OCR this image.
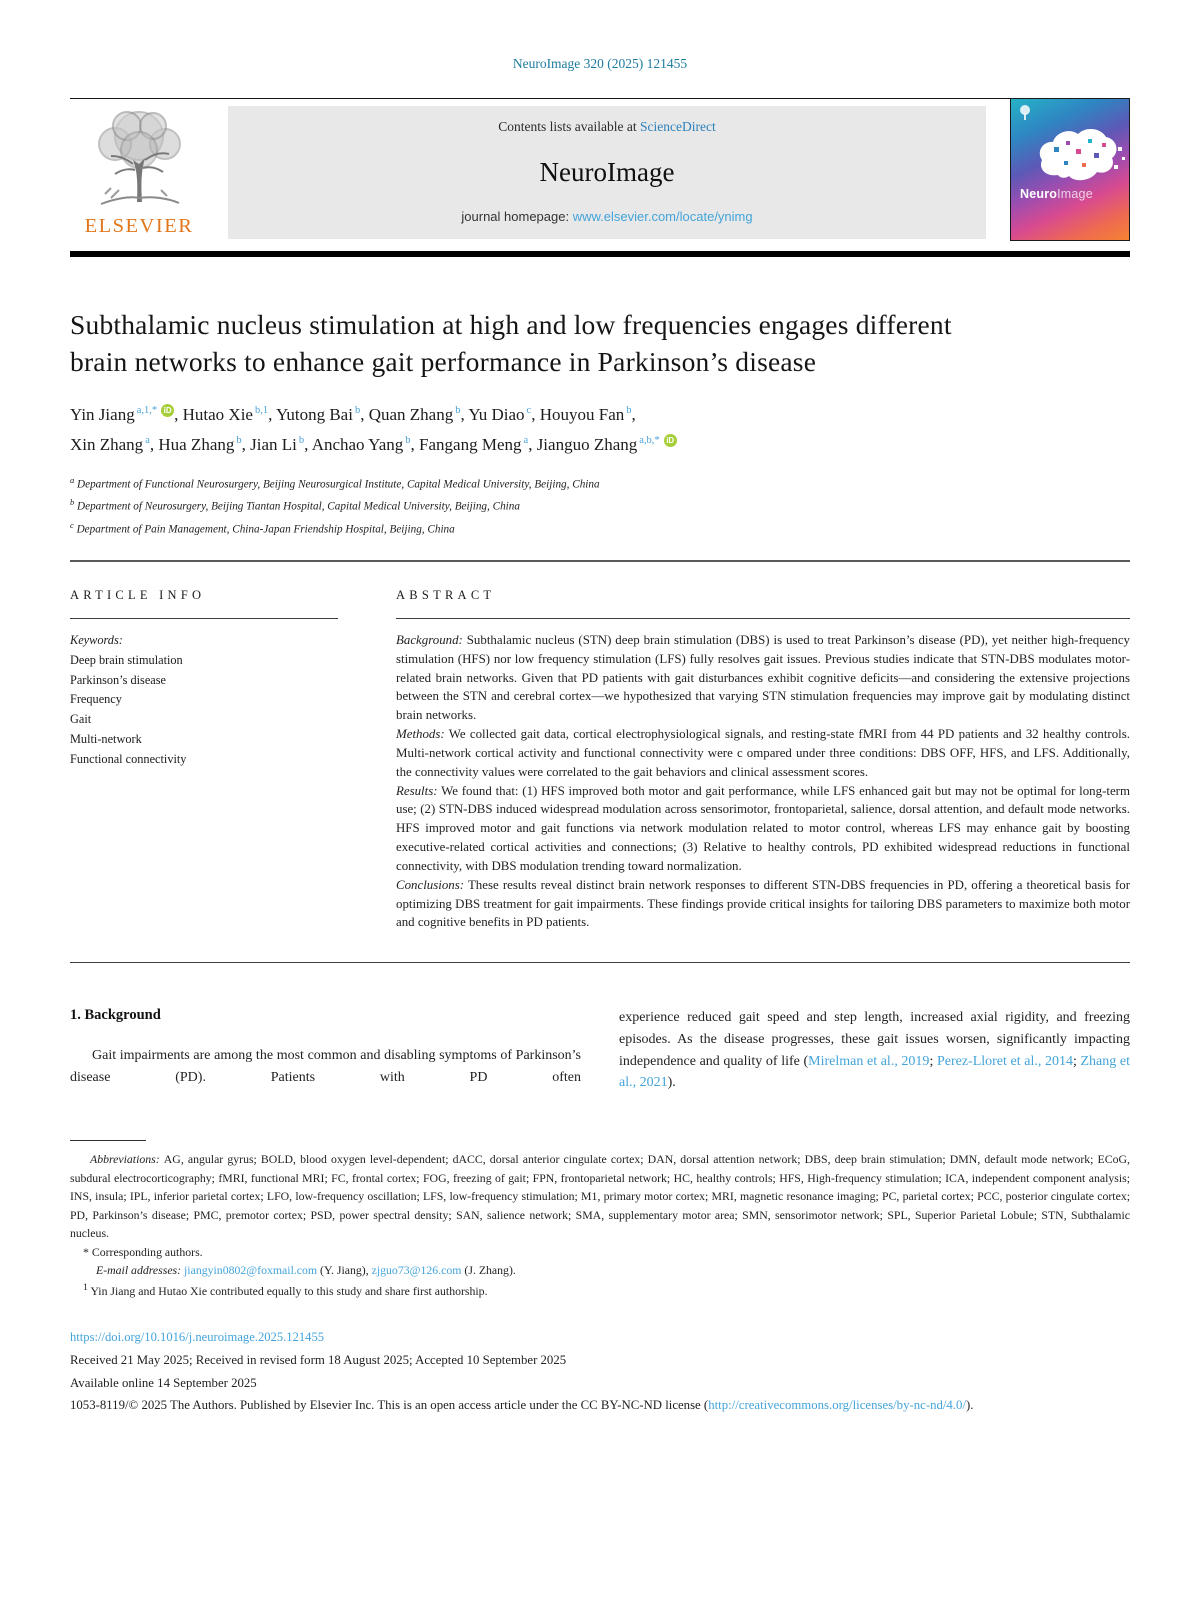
NeuroImage 320 (2025) 121455
ELSEVIER
Contents lists available at ScienceDirect
NeuroImage
journal homepage: www.elsevier.com/locate/ynimg
NeuroImage
Subthalamic nucleus stimulation at high and low frequencies engages different brain networks to enhance gait performance in Parkinson’s disease
Yin Jiang $^{a,1,*}$ iD , Hutao Xie $^{b,1}$, Yutong Bai $^b$, Quan Zhang $^b$, Yu Diao $^c$, Houyou Fan $^b$,
Xin Zhang $^a$, Hua Zhang $^b$, Jian Li $^b$, Anchao Yang $^b$, Fangang Meng $^a$, Jianguo Zhang $^{a,b,*}$ iD
$^a$ Department of Functional Neurosurgery, Beijing Neurosurgical Institute, Capital Medical University, Beijing, China
$^b$ Department of Neurosurgery, Beijing Tiantan Hospital, Capital Medical University, Beijing, China
$^c$ Department of Pain Management, China-Japan Friendship Hospital, Beijing, China
ARTICLE INFO
Keywords:
Deep brain stimulation
Parkinson’s disease
Frequency
Gait
Multi-network
Functional connectivity
ABSTRACT

Background: Subthalamic nucleus (STN) deep brain stimulation (DBS) is used to treat Parkinson’s disease (PD), yet neither high-frequency stimulation (HFS) nor low frequency stimulation (LFS) fully resolves gait issues. Previous studies indicate that STN-DBS modulates motor-related brain networks. Given that PD patients with gait disturbances exhibit cognitive deficits—and considering the extensive projections between the STN and cerebral cortex—we hypothesized that varying STN stimulation frequencies may improve gait by modulating distinct brain networks.

Methods: We collected gait data, cortical electrophysiological signals, and resting-state fMRI from 44 PD patients and 32 healthy controls. Multi-network cortical activity and functional connectivity were c ompared under three conditions: DBS OFF, HFS, and LFS. Additionally, the connectivity values were correlated to the gait behaviors and clinical assessment scores.

Results: We found that: (1) HFS improved both motor and gait performance, while LFS enhanced gait but may not be optimal for long-term use; (2) STN-DBS induced widespread modulation across sensorimotor, frontoparietal, salience, dorsal attention, and default mode networks. HFS improved motor and gait functions via network modulation related to motor control, whereas LFS may enhance gait by boosting executive-related cortical activities and connections; (3) Relative to healthy controls, PD exhibited widespread reductions in functional connectivity, with DBS modulation trending toward normalization.

Conclusions: These results reveal distinct brain network responses to different STN-DBS frequencies in PD, offering a theoretical basis for optimizing DBS treatment for gait impairments. These findings provide critical insights for tailoring DBS parameters to maximize both motor and cognitive benefits in PD patients.

1. Background

Gait impairments are among the most common and disabling symptoms of Parkinson’s disease (PD). Patients with PD often

experience reduced gait speed and step length, increased axial rigidity, and freezing episodes. As the disease progresses, these gait issues worsen, significantly impacting independence and quality of life (Mirelman et al., 2019; Perez-Lloret et al., 2014; Zhang et al., 2021).

Abbreviations: AG, angular gyrus; BOLD, blood oxygen level-dependent; dACC, dorsal anterior cingulate cortex; DAN, dorsal attention network; DBS, deep brain stimulation; DMN, default mode network; ECoG, subdural electrocorticography; fMRI, functional MRI; FC, frontal cortex; FOG, freezing of gait; FPN, frontoparietal network; HC, healthy controls; HFS, High-frequency stimulation; ICA, independent component analysis; INS, insula; IPL, inferior parietal cortex; LFO, low-frequency oscillation; LFS, low-frequency stimulation; M1, primary motor cortex; MRI, magnetic resonance imaging; PC, parietal cortex; PCC, posterior cingulate cortex; PD, Parkinson’s disease; PMC, premotor cortex; PSD, power spectral density; SAN, salience network; SMA, supplementary motor area; SMN, sensorimotor network; SPL, Superior Parietal Lobule; STN, Subthalamic nucleus.

* Corresponding authors.

E-mail addresses: jiangyin0802@foxmail.com (Y. Jiang), zjguo73@126.com (J. Zhang).

$^1$ Yin Jiang and Hutao Xie contributed equally to this study and share first authorship.

https://doi.org/10.1016/j.neuroimage.2025.121455
Received 21 May 2025; Received in revised form 18 August 2025; Accepted 10 September 2025
Available online 14 September 2025
1053-8119/© 2025 The Authors. Published by Elsevier Inc. This is an open access article under the CC BY-NC-ND license (http://creativecommons.org/licenses/by-nc-nd/4.0/).
